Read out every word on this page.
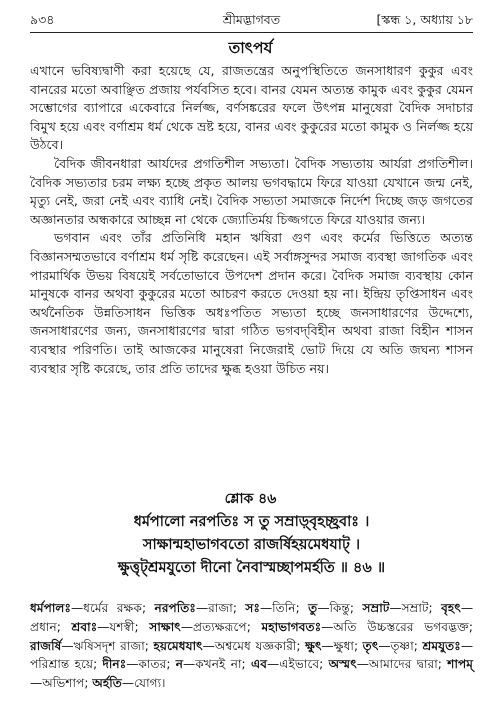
৯৩৪	শ্রীমদ্ভাগবত	[স্কন্ধ ১, অধ্যায় ১৮
তাৎপর্য

এখানে ভবিষ্যদ্বাণী করা হয়েছে যে, রাজতন্ত্রের অনুপস্থিতিতে জনসাধারণ কুকুর এবং বানরের মতো অবাঞ্ছিত প্রজায় পর্যবসিত হবে। বানর যেমন অত্যন্ত কামুক এবং কুকুর যেমন সম্ভোগের ব্যাপারে একেবারে নির্লজ্জ, বর্ণসঙ্করের ফলে উৎপন্ন মানুষেরা বৈদিক সদাচার বিমুখ হয়ে এবং বর্ণাশ্রম ধর্ম থেকে ভ্রষ্ট হয়ে, বানর এবং কুকুরের মতো কামুক ও নির্লজ্জ হয়ে উঠবে।

বৈদিক জীবনধারা আর্যদের প্রগতিশীল সভ্যতা। বৈদিক সভ্যতায় আর্যরা প্রগতিশীল। বৈদিক সভ্যতার চরম লক্ষ্য হচ্ছে প্রকৃত আলয় ভগবদ্ধামে ফিরে যাওয়া যেখানে জন্ম নেই, মৃত্যু নেই, জরা নেই এবং ব্যাধি নেই। বৈদিক সভ্যতা সমাজকে নির্দেশ দিচ্ছে জড় জগতের অজ্ঞানতার অন্ধকারে আচ্ছন্ন না থেকে জ্যোতির্ময় চিজ্জগতে ফিরে যাওয়ার জন্য।

ভগবান এবং তাঁর প্রতিনিধি মহান ঋষিরা গুণ এবং কর্মের ভিত্তিতে অত্যন্ত বিজ্ঞানসম্মতভাবে বর্ণাশ্রম ধর্ম সৃষ্টি করেছেন। এই সর্বাঙ্গসুন্দর সমাজ ব্যবস্থা জাগতিক এবং পারমার্থিক উভয় বিষয়েই সর্বতোভাবে উপদেশ প্রদান করে। বৈদিক সমাজ ব্যবস্থায় কোন মানুষকে বানর অথবা কুকুরের মতো আচরণ করতে দেওয়া হয় না। ইন্দ্রিয় তৃপ্তিসাধন এবং অর্থনৈতিক উন্নতিসাধন ভিত্তিক অধঃপতিত সভ্যতা হচ্ছে জনসাধারণের উদ্দেশ্যে, জনসাধারণের জন্য, জনসাধারণের দ্বারা গঠিত ভগবদ্‌বিহীন অথবা রাজা বিহীন শাসন ব্যবস্থার পরিণতি। তাই আজকের মানুষেরা নিজেরাই ভোট দিয়ে যে অতি জঘন্য শাসন ব্যবস্থার সৃষ্টি করেছে, তার প্রতি তাদের ক্ষুব্ধ হওয়া উচিত নয়।

শ্লোক ৪৬
ধর্মপালো নরপতিঃ স তু সম্রাড়্‌বৃহচ্ছ্রবাঃ ।
সাক্ষান্মহাভাগবতো রাজর্ষিহয়মেধযাট্‌ ।
ক্ষুত্তৃট্‌শ্রমযুতো দীনো নৈবাস্মচ্ছাপমর্হতি ॥ ৪৬ ॥
ধর্মপালঃ—ধর্মের রক্ষক; নরপতিঃ—রাজা; সঃ—তিনি; তু—কিন্তু; সম্রাট—সম্রাট; বৃহৎ—প্রধান; শ্রবাঃ—যশস্বী; সাক্ষাৎ—প্রত্যক্ষরূপে; মহাভাগবতঃ—অতি উচ্চস্তরের ভগবদ্ভক্ত; রাজর্ষি—ঋষিসদৃশ রাজা; হয়মেধযাৎ—অশ্বমেধ যজ্ঞকারী; ক্ষুৎ—ক্ষুধা; তৃৎ—তৃষ্ণা; শ্রমযুতঃ—পরিশ্রান্ত হয়ে; দীনঃ—কাতর; ন—কখনই না; এব—এইভাবে; অস্মৎ—আমাদের দ্বারা; শাপম্—অভিশাপ; অর্হতি—যোগ্য।
